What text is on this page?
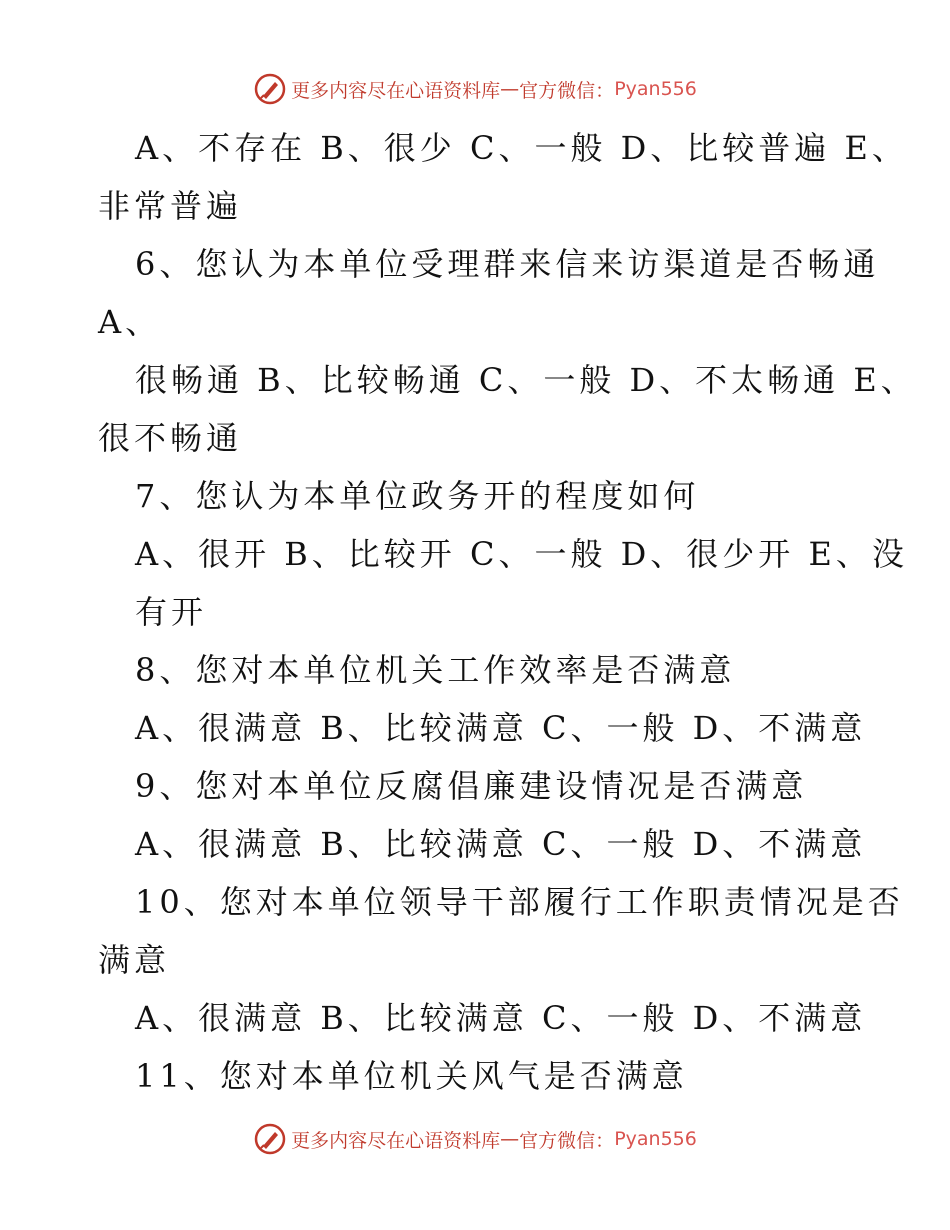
更多内容尽在心语资料库 — 官方微信： Pyan556
A、不存在 B、很少 C、一般 D、比较普遍 E、
非常普遍
6、您认为本单位受理群来信来访渠道是否畅通
A、
很畅通 B、比较畅通 C、一般 D、不太畅通 E、
很不畅通
7、您认为本单位政务开的程度如何
A、很开 B、比较开 C、一般 D、很少开 E、没
有开
8、您对本单位机关工作效率是否满意
A、很满意 B、比较满意 C、一般 D、不满意
9、您对本单位反腐倡廉建设情况是否满意
A、很满意 B、比较满意 C、一般 D、不满意
10、您对本单位领导干部履行工作职责情况是否
满意
A、很满意 B、比较满意 C、一般 D、不满意
11、您对本单位机关风气是否满意
更多内容尽在心语资料库 — 官方微信： Pyan556
